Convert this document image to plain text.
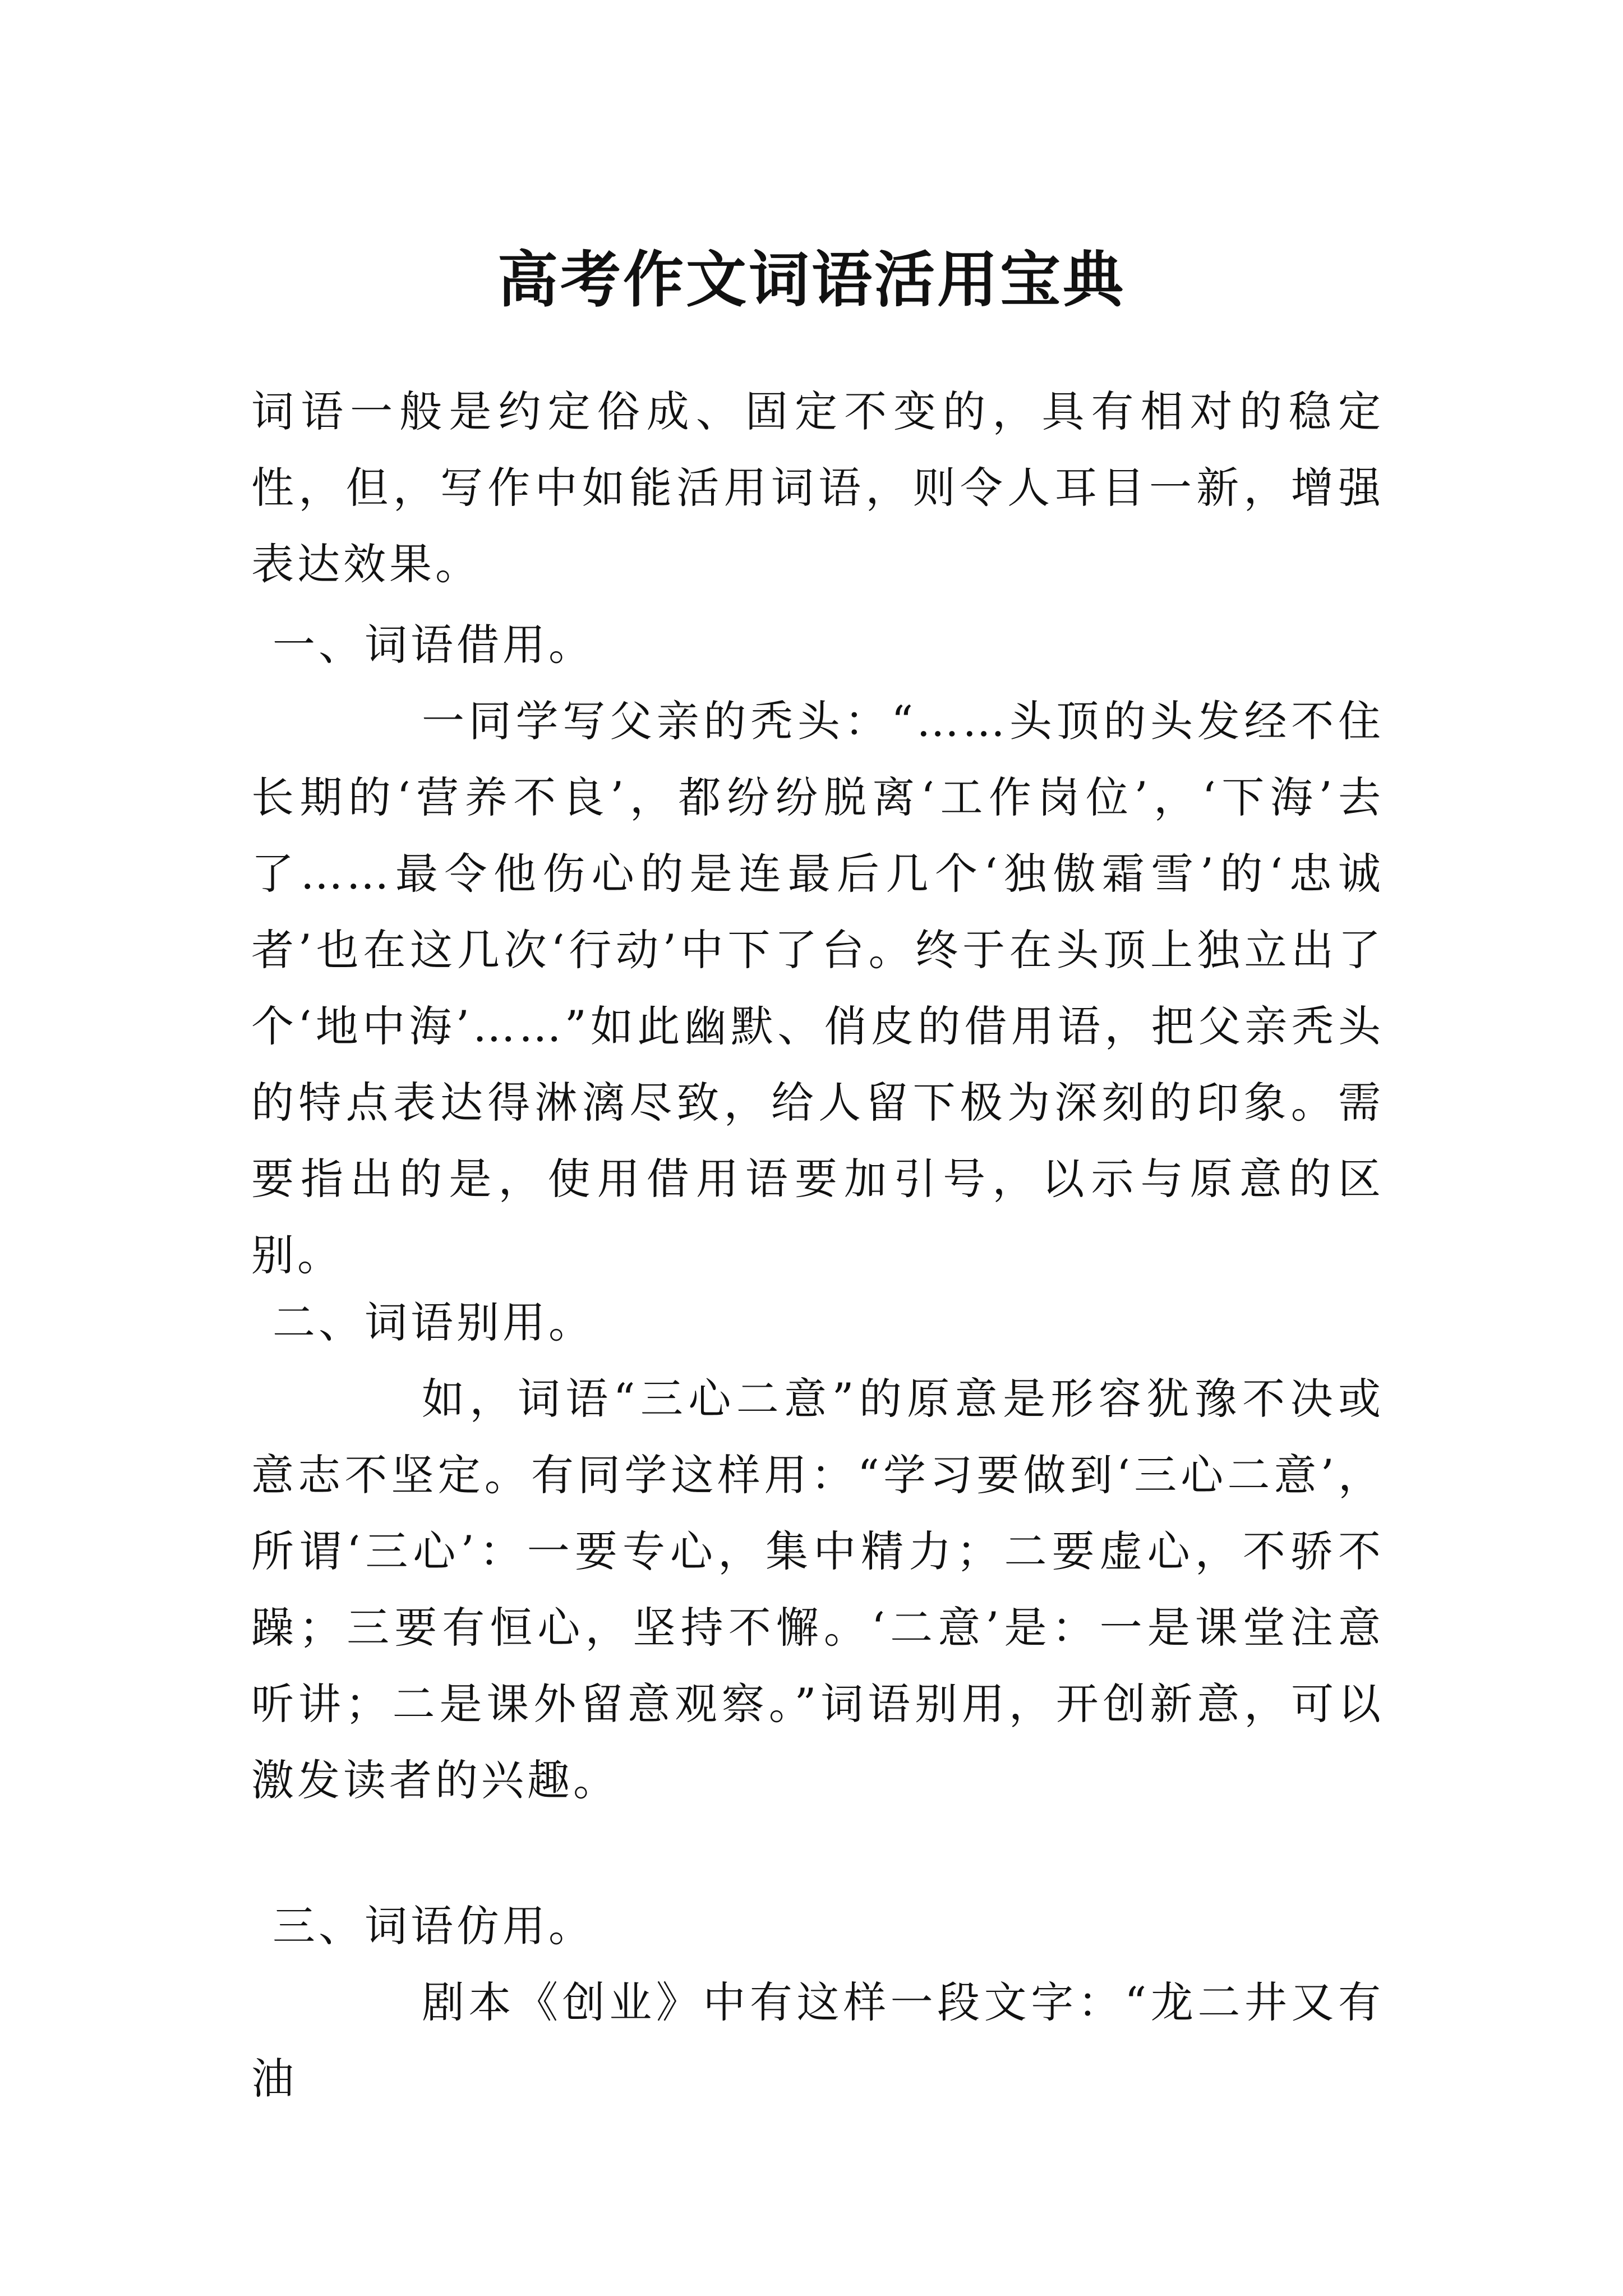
高考作文词语活用宝典

词语一般是约定俗成、固定不变的，具有相对的稳定性，但，写作中如能活用词语，则令人耳目一新，增强表达效果。

一、词语借用。

一同学写父亲的秃头：“……头顶的头发经不住长期的‘营养不良’，都纷纷脱离‘工作岗位’，‘下海’去了……最令他伤心的是连最后几个‘独傲霜雪’的‘忠诚者’也在这几次‘行动’中下了台。终于在头顶上独立出了个‘地中海’……”如此幽默、俏皮的借用语，把父亲秃头的特点表达得淋漓尽致，给人留下极为深刻的印象。需要指出的是，使用借用语要加引号，以示与原意的区别。

二、词语别用。

如，词语“三心二意”的原意是形容犹豫不决或意志不坚定。有同学这样用：“学习要做到‘三心二意’，所谓‘三心’：一要专心，集中精力；二要虚心，不骄不躁；三要有恒心，坚持不懈。‘二意’是：一是课堂注意听讲；二是课外留意观察。”词语别用，开创新意，可以激发读者的兴趣。

三、词语仿用。

剧本《创业》中有这样一段文字：“龙二井又有油
